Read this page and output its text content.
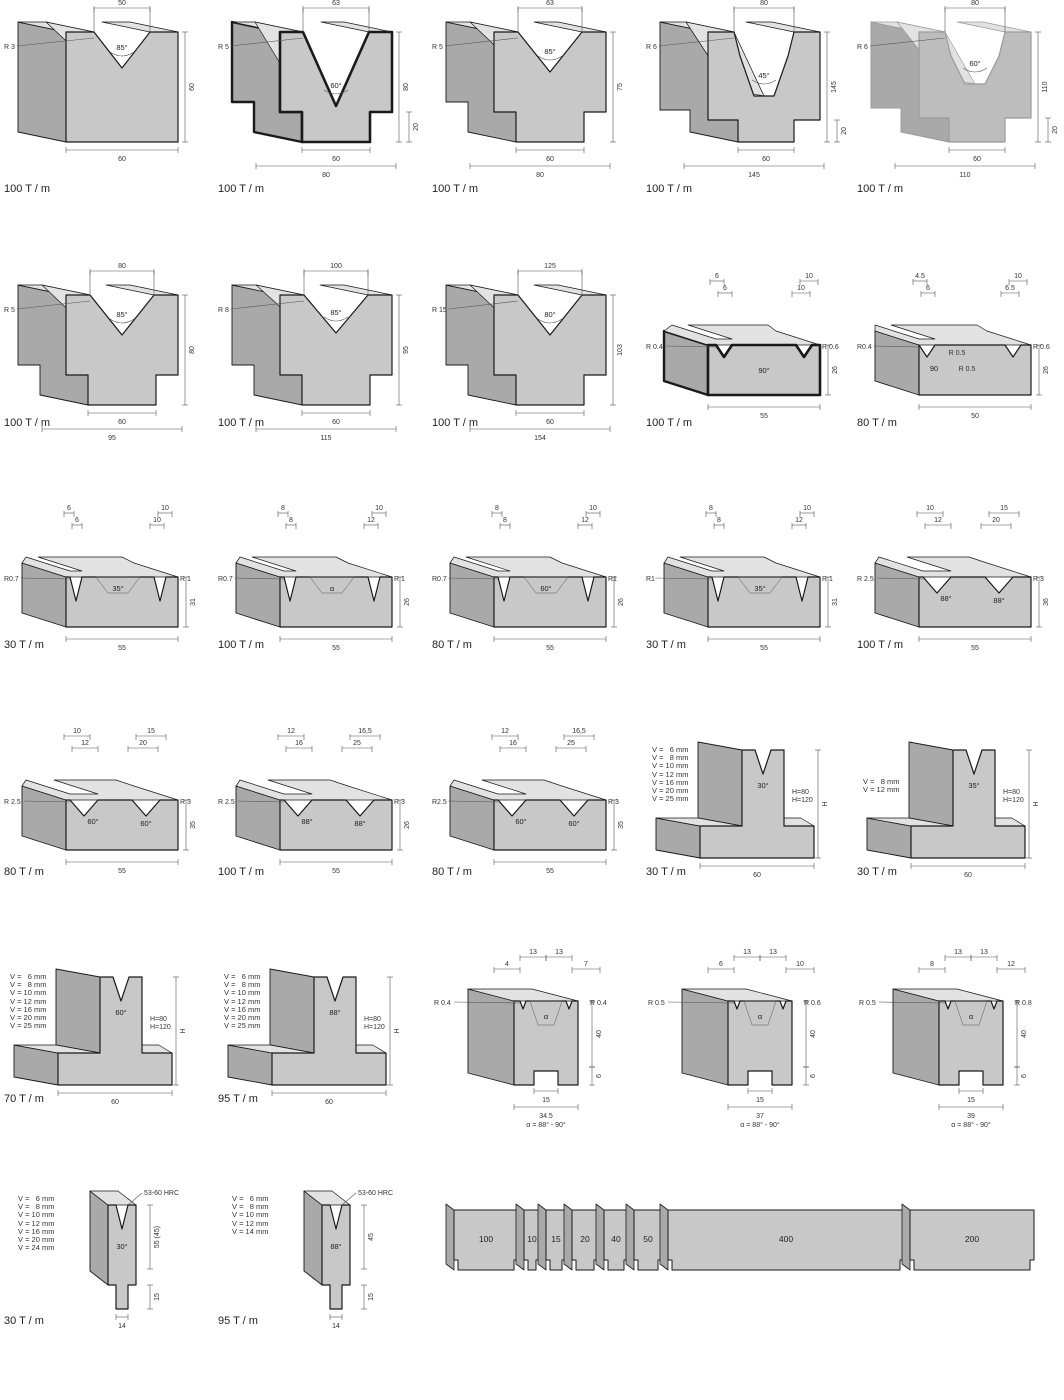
85°
50
60
60
R 3
100 T / m
60°
63
80
20
60
80
R 5
100 T / m
85°
63
75
60
80
R 5
100 T / m
45°
80
145
20
60
145
R 6
100 T / m
60°
80
110
20
60
110
R 6
100 T / m
85°
80
80
60
95
R 5
100 T / m
85°
100
95
60
115
R 8
100 T / m
80°
125
103
60
154
R 15
100 T / m
90°
6
6
10
10
26
55
R 0.4	R 0.6
100 T / m
90
4.5
6
10
6.5
26
50
R0.4	R 0.6
R 0.5
R 0.5
80 T / m
35°
6
6
10
10
31
55
R0.7	R 1
30 T / m
α
8
8
10
12
26
55
R0.7	R 1
100 T / m
60°
8
8
10
12
26
55
R0.7	R1
80 T / m
35°
8
8
10
12
31
55
R1	R 1
30 T / m
88°	88°
10
12
15
20
36
55
R 2.5	R 3
100 T / m
60°	60°
10
12
15
20
35
55
R 2.5	R 3
80 T / m
88°	88°
12
16
16,5
25
26
55
R 2.5	R 3
100 T / m
60°	60°
12
16
16,5
25
35
55
R2.5	R 3
80 T / m
30°
H=80
H=120 H
60
V =   6 mm
V =   8 mm
V = 10 mm
V = 12 mm
V = 16 mm
V = 20 mm
V = 25 mm
30 T / m
35°
H=80
H=120 H
60
V =   8 mm
V = 12 mm
30 T / m
60°
H=80
H=120 H
60
V =   6 mm
V =   8 mm
V = 10 mm
V = 12 mm
V = 16 mm
V = 20 mm
V = 25 mm
70 T / m
88°
H=80
H=120 H
60
V =   6 mm
V =   8 mm
V = 10 mm
V = 12 mm
V = 16 mm
V = 20 mm
V = 25 mm
95 T / m
α
4
13	13
7
40
6
15
34.5
R 0.4	R 0.4
α = 88° - 90°
α
6
13	13
10
40
6
15
37
R 0.5	R 0.6
α = 88° - 90°
α
8
13	13
12
40
6
15
39
R 0.5	R 0.8
α = 88° - 90°
30°
53-60 HRC
55 (45)
15
14
V =   6 mm
V =   8 mm
V = 10 mm
V = 12 mm
V = 16 mm
V = 20 mm
V = 24 mm
30 T / m
88°
53-60 HRC
45
15
14
V =   6 mm
V =   8 mm
V = 10 mm
V = 12 mm
V = 14 mm
95 T / m
100	10 15 20	40	50	400	200
